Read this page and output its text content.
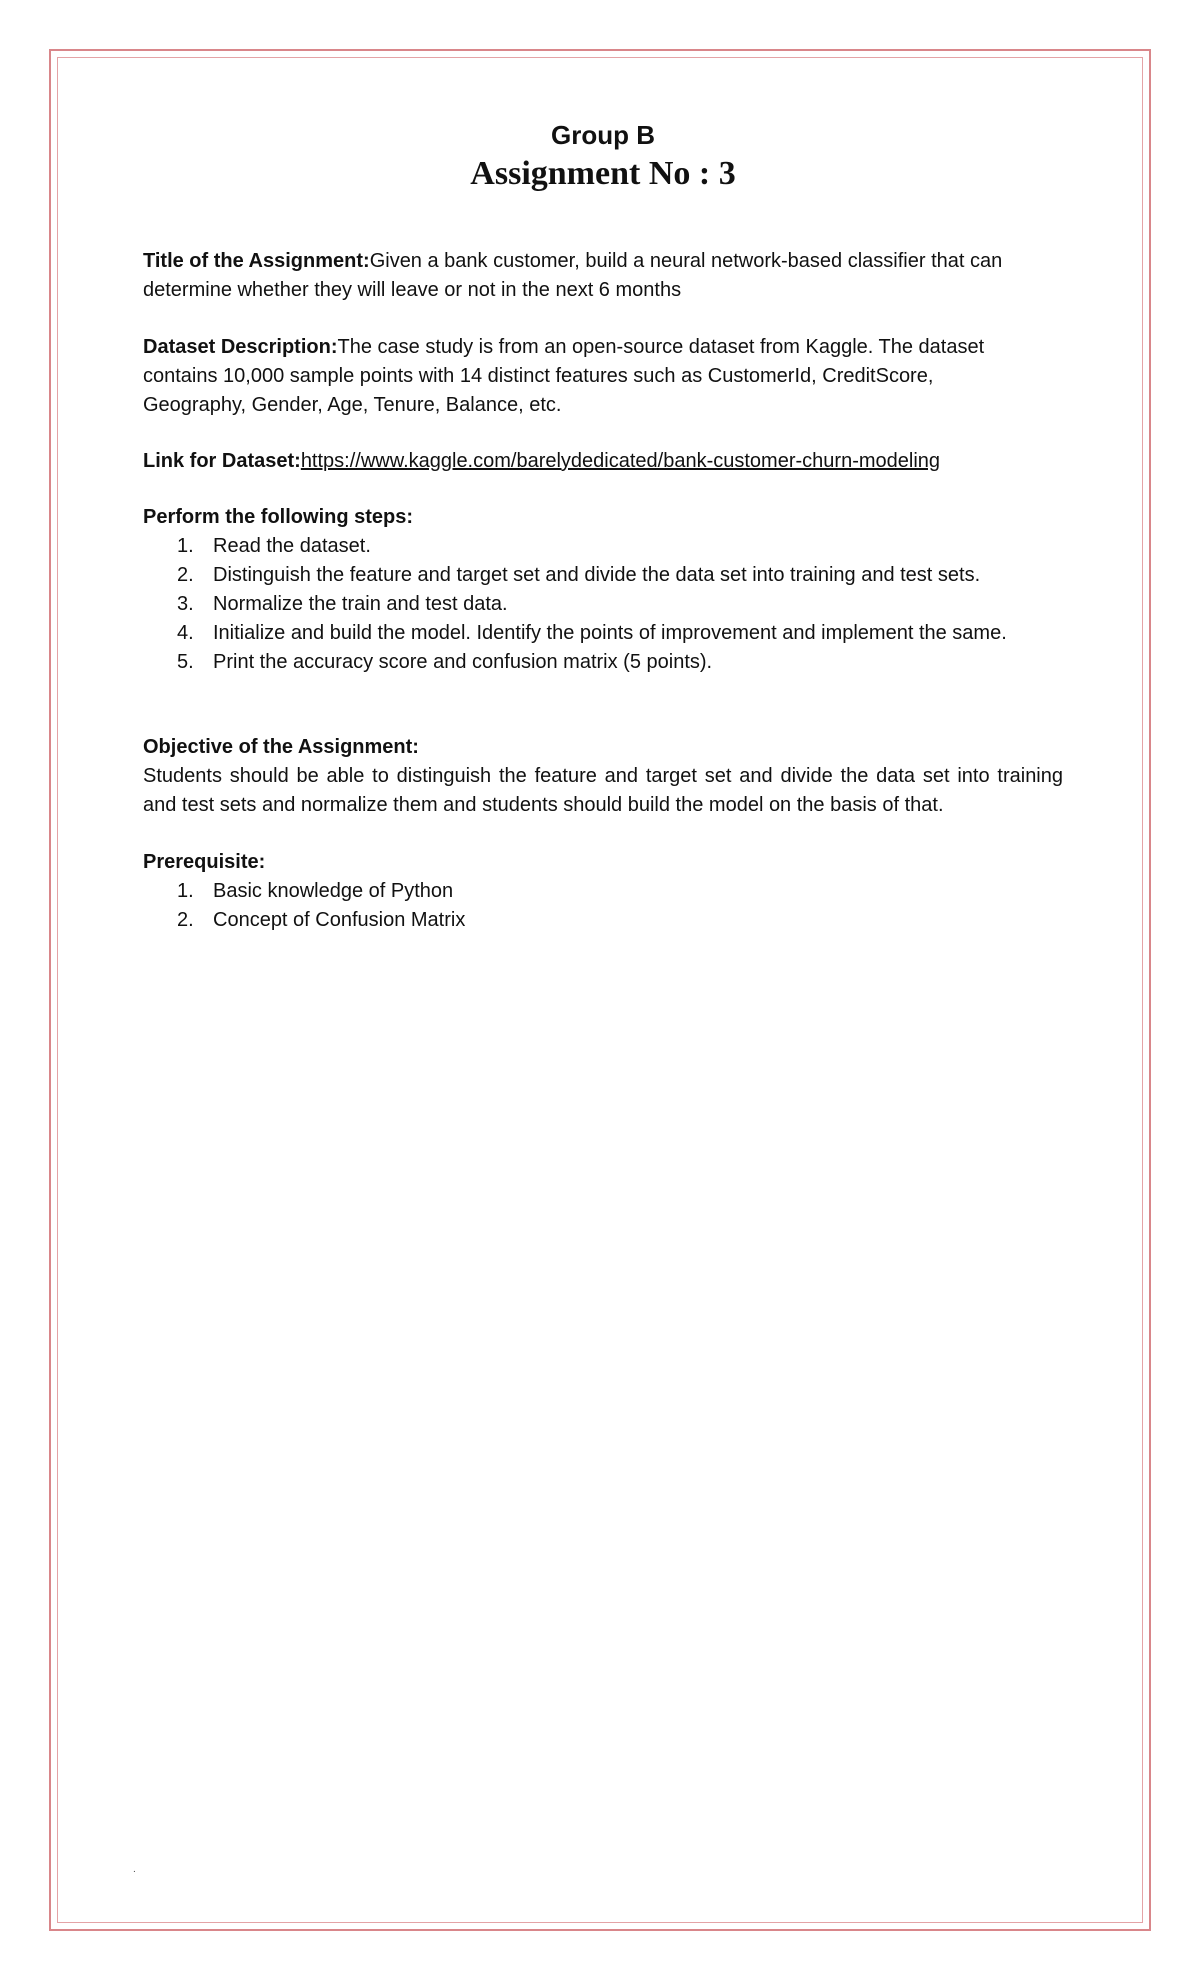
Group B

Assignment No : 3

Title of the Assignment:Given a bank customer, build a neural network-based classifier that can determine whether they will leave or not in the next 6 months

Dataset Description:The case study is from an open-source dataset from Kaggle. The dataset contains 10,000 sample points with 14 distinct features such as CustomerId, CreditScore, Geography, Gender, Age, Tenure, Balance, etc.

Link for Dataset:https://www.kaggle.com/barelydedicated/bank-customer-churn-modeling

Perform the following steps:

1. Read the dataset.
2. Distinguish the feature and target set and divide the data set into training and test sets.
3. Normalize the train and test data.
4. Initialize and build the model. Identify the points of improvement and implement the same.
5. Print the accuracy score and confusion matrix (5 points).

Objective of the Assignment:

Students should be able to distinguish the feature and target set and divide the data set into training and test sets and normalize them and students should build the model on the basis of that.

Prerequisite:

1. Basic knowledge of Python
2. Concept of Confusion Matrix
.
